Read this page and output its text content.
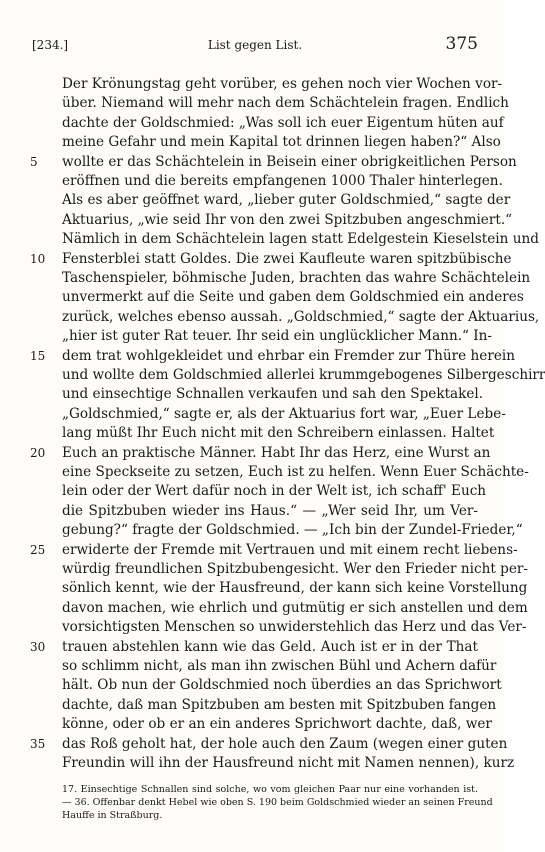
[234.]	List gegen List.	375
Der Krönungstag geht vorüber, es gehen noch vier Wochen vor-
über. Niemand will mehr nach dem Schächtelein fragen. Endlich
dachte der Goldschmied: „Was soll ich euer Eigentum hüten auf
meine Gefahr und mein Kapital tot drinnen liegen haben?“ Also
5	wollte er das Schächtelein in Beisein einer obrigkeitlichen Person
eröffnen und die bereits empfangenen 1000 Thaler hinterlegen.
Als es aber geöffnet ward, „lieber guter Goldschmied,“ sagte der
Aktuarius, „wie seid Ihr von den zwei Spitzbuben angeschmiert.“
Nämlich in dem Schächtelein lagen statt Edelgestein Kieselstein und
10	Fensterblei statt Goldes. Die zwei Kaufleute waren spitzbübische
Taschenspieler, böhmische Juden, brachten das wahre Schächtelein
unvermerkt auf die Seite und gaben dem Goldschmied ein anderes
zurück, welches ebenso aussah. „Goldschmied,“ sagte der Aktuarius,
„hier ist guter Rat teuer. Ihr seid ein unglücklicher Mann.“ In-
15	dem trat wohlgekleidet und ehrbar ein Fremder zur Thüre herein
und wollte dem Goldschmied allerlei krummgebogenes Silbergeschirr
und einsechtige Schnallen verkaufen und sah den Spektakel.
„Goldschmied,“ sagte er, als der Aktuarius fort war, „Euer Lebe-
lang müßt Ihr Euch nicht mit den Schreibern einlassen. Haltet
20	Euch an praktische Männer. Habt Ihr das Herz, eine Wurst an
eine Speckseite zu setzen, Euch ist zu helfen. Wenn Euer Schächte-
lein oder der Wert dafür noch in der Welt ist, ich schaff' Euch
die Spitzbuben wieder ins Haus.“ — „Wer seid Ihr, um Ver-
gebung?“ fragte der Goldschmied. — „Ich bin der Zundel-Frieder,“
25	erwiderte der Fremde mit Vertrauen und mit einem recht liebens-
würdig freundlichen Spitzbubengesicht. Wer den Frieder nicht per-
sönlich kennt, wie der Hausfreund, der kann sich keine Vorstellung
davon machen, wie ehrlich und gutmütig er sich anstellen und dem
vorsichtigsten Menschen so unwiderstehlich das Herz und das Ver-
30	trauen abstehlen kann wie das Geld. Auch ist er in der That
so schlimm nicht, als man ihn zwischen Bühl und Achern dafür
hält. Ob nun der Goldschmied noch überdies an das Sprichwort
dachte, daß man Spitzbuben am besten mit Spitzbuben fangen
könne, oder ob er an ein anderes Sprichwort dachte, daß, wer
35	das Roß geholt hat, der hole auch den Zaum (wegen einer guten
Freundin will ihn der Hausfreund nicht mit Namen nennen), kurz
17. Einsechtige Schnallen sind solche, wo vom gleichen Paar nur eine vorhanden ist.
— 36. Offenbar denkt Hebel wie oben S. 190 beim Goldschmied wieder an seinen Freund
Hauffe in Straßburg.
